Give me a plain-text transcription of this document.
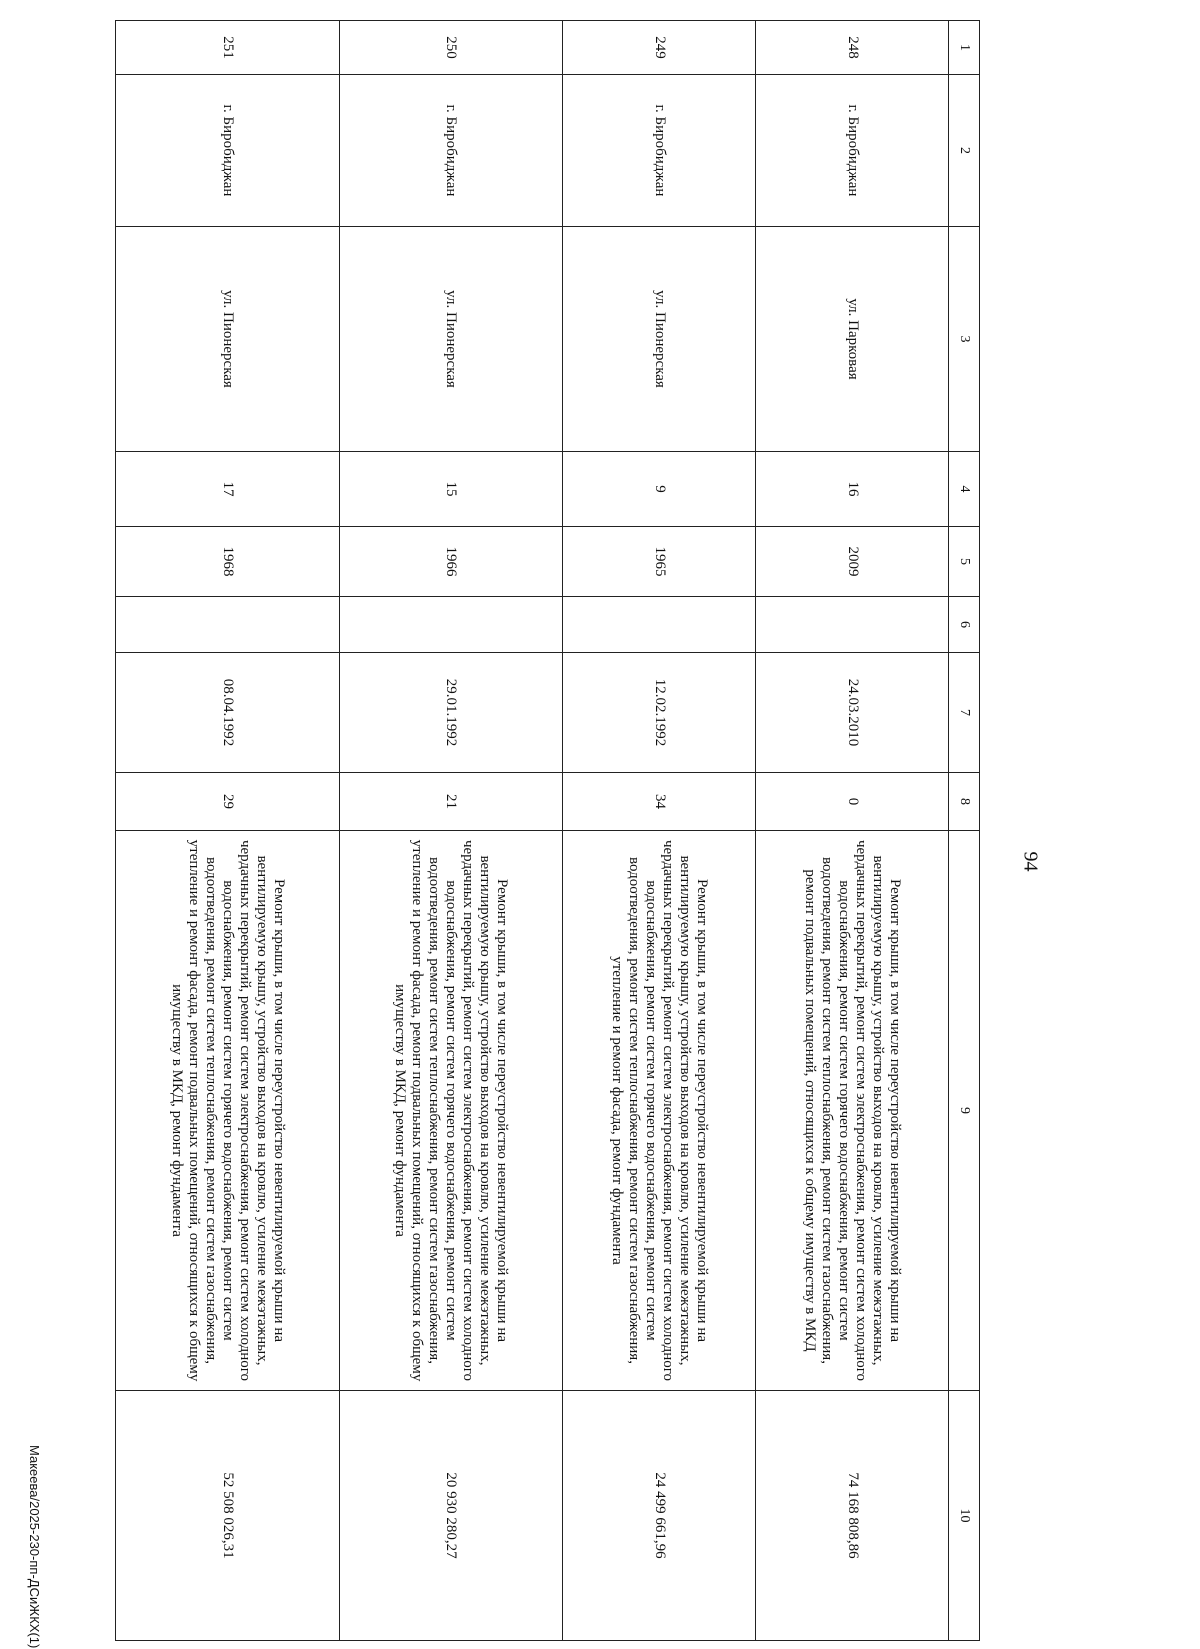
94
1	2	3	4	5	6	7	8	9	10
248	г. Биробиджан	ул. Парковая	16	2009		24.03.2010	0	Ремонт крыши, в том числе переустройство невентилируемой крыши на вентилируемую крышу, устройство выходов на кровлю, усиление межэтажных, чердачных перекрытий, ремонт систем электроснабжения, ремонт систем холодного водоснабжения, ремонт систем горячего водоснабжения, ремонт систем водоотведения, ремонт систем теплоснабжения, ремонт систем газоснабжения, ремонт подвальных помещений, относящихся к общему имуществу в МКД	74 168 808,86
249	г. Биробиджан	ул. Пионерская	9	1965		12.02.1992	34	Ремонт крыши, в том числе переустройство невентилируемой крыши на вентилируемую крышу, устройство выходов на кровлю, усиление межэтажных, чердачных перекрытий, ремонт систем электроснабжения, ремонт систем холодного водоснабжения, ремонт систем горячего водоснабжения, ремонт систем водоотведения, ремонт систем теплоснабжения, ремонт систем газоснабжения, утепление и ремонт фасада, ремонт фундамента	24 499 661,96
250	г. Биробиджан	ул. Пионерская	15	1966		29.01.1992	21	Ремонт крыши, в том числе переустройство невентилируемой крыши на вентилируемую крышу, устройство выходов на кровлю, усиление межэтажных, чердачных перекрытий, ремонт систем электроснабжения, ремонт систем холодного водоснабжения, ремонт систем горячего водоснабжения, ремонт систем водоотведения, ремонт систем теплоснабжения, ремонт систем газоснабжения, утепление и ремонт фасада, ремонт подвальных помещений, относящихся к общему имуществу в МКД, ремонт фундамента	20 930 280,27
251	г. Биробиджан	ул. Пионерская	17	1968		08.04.1992	29	Ремонт крыши, в том числе переустройство невентилируемой крыши на вентилируемую крышу, устройство выходов на кровлю, усиление межэтажных, чердачных перекрытий, ремонт систем электроснабжения, ремонт систем холодного водоснабжения, ремонт систем горячего водоснабжения, ремонт систем водоотведения, ремонт систем теплоснабжения, ремонт систем газоснабжения, утепление и ремонт фасада, ремонт подвальных помещений, относящихся к общему имуществу в МКД, ремонт фундамента	52 508 026,31
Макеева/2025-230-пп-ДСиЖКХ(1)
